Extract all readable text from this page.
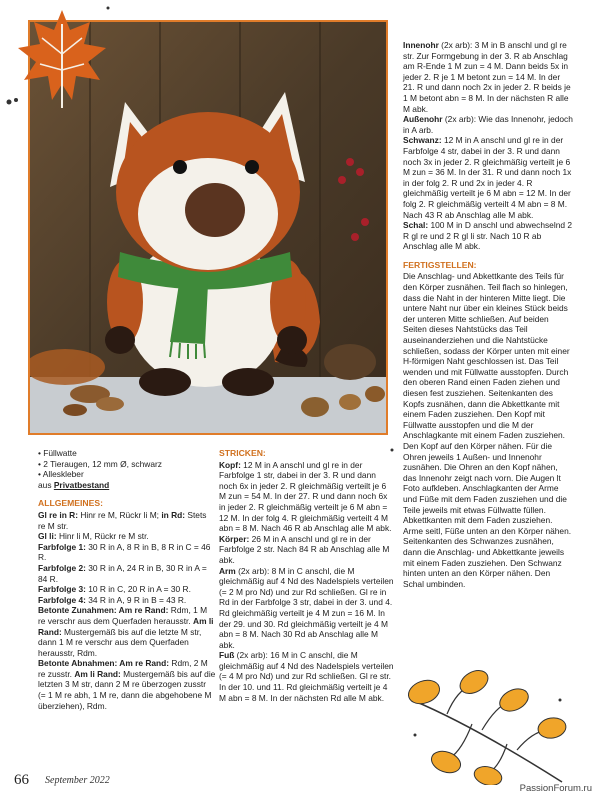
• Füllwatte

• 2 Tieraugen, 12 mm Ø, schwarz

• Alleskleber

aus Privatbestand

ALLGEMEINES:

Gl re in R: Hinr re M, Rückr li M; in Rd: Stets re M str.

Gl li: Hinr li M, Rückr re M str.

Farbfolge 1: 30 R in A, 8 R in B, 8 R in C = 46 R.

Farbfolge 2: 30 R in A, 24 R in B, 30 R in A = 84 R.

Farbfolge 3: 10 R in C, 20 R in A = 30 R.

Farbfolge 4: 34 R in A, 9 R in B = 43 R.

Betonte Zunahmen: Am re Rand: Rdm, 1 M re verschr aus dem Querfaden herausstr. Am li Rand: Mustergemäß bis auf die letzte M str, dann 1 M re verschr aus dem Querfaden herausstr, Rdm.

Betonte Abnahmen: Am re Rand: Rdm, 2 M re zusstr. Am li Rand: Mustergemäß bis auf die letzten 3 M str, dann 2 M re überzogen zusstr (= 1 M re abh, 1 M re, dann die abgehobene M überziehen), Rdm.

STRICKEN:

Kopf: 12 M in A anschl und gl re in der Farbfolge 1 str, dabei in der 3. R und dann noch 6x in jeder 2. R gleichmäßig verteilt je 6 M zun = 54 M. In der 27. R und dann noch 6x in jeder 2. R gleichmäßig verteilt je 6 M abn = 12 M. In der folg 4. R gleichmäßig verteilt 4 M abn = 8 M. Nach 46 R ab Anschlag alle M abk.

Körper: 26 M in A anschl und gl re in der Farbfolge 2 str. Nach 84 R ab Anschlag alle M abk.

Arm (2x arb): 8 M in C anschl, die M gleichmäßig auf 4 Nd des Nadelspiels verteilen (= 2 M pro Nd) und zur Rd schließen. Gl re in Rd in der Farbfolge 3 str, dabei in der 3. und 4. Rd gleichmäßig verteilt je 4 M zun = 16 M. In der 29. und 30. Rd gleichmäßig verteilt je 4 M abn = 8 M. Nach 30 Rd ab Anschlag alle M abk.

Fuß (2x arb): 16 M in C anschl, die M gleichmäßig auf 4 Nd des Nadelspiels verteilen (= 4 M pro Nd) und zur Rd schließen. Gl re str. In der 10. und 11. Rd gleichmäßig verteilt je 4 M abn = 8 M. In der nächsten Rd alle M abk.

Innenohr (2x arb): 3 M in B anschl und gl re str. Zur Formgebung in der 3. R ab Anschlag am R-Ende 1 M zun = 4 M. Dann beids 5x in jeder 2. R je 1 M betont zun = 14 M. In der 21. R und dann noch 2x in jeder 2. R beids je 1 M betont abn = 8 M. In der nächsten R alle M abk.

Außenohr (2x arb): Wie das Innenohr, jedoch in A arb.

Schwanz: 12 M in A anschl und gl re in der Farbfolge 4 str, dabei in der 3. R und dann noch 3x in jeder 2. R gleichmäßig verteilt je 6 M zun = 36 M. In der 31. R und dann noch 1x in der folg 2. R und 2x in jeder 4. R gleichmäßig verteilt je 6 M abn = 12 M. In der folg 2. R gleichmäßig verteilt 4 M abn = 8 M. Nach 43 R ab Anschlag alle M abk.

Schal: 100 M in D anschl und abwechselnd 2 R gl re und 2 R gl li str. Nach 10 R ab Anschlag alle M abk.

FERTIGSTELLEN:

Die Anschlag- und Abkettkante des Teils für den Körper zusnähen. Teil flach so hinlegen, dass die Naht in der hinteren Mitte liegt. Die untere Naht nur über ein kleines Stück beids der unteren Mitte schließen. Auf beiden Seiten dieses Nahtstücks das Teil auseinanderziehen und die Nahtstücke schließen, sodass der Körper unten mit einer H-förmigen Naht geschlossen ist. Das Teil wenden und mit Füllwatte ausstopfen. Durch den oberen Rand einen Faden ziehen und diesen fest zusziehen. Seitenkanten des Kopfs zusnähen, dann die Abkettkante mit einem Faden zusziehen. Den Kopf mit Füllwatte ausstopfen und die M der Anschlagkante mit einem Faden zusziehen. Den Kopf auf den Körper nähen. Für die Ohren jeweils 1 Außen- und Innenohr zusnähen. Die Ohren an den Kopf nähen, das Innenohr zeigt nach vorn. Die Augen lt Foto aufkleben. Anschlagkanten der Arme und Füße mit dem Faden zusziehen und die Teile jeweils mit etwas Füllwatte füllen. Abkettkanten mit dem Faden zusziehen. Arme seitl, Füße unten an den Körper nähen. Seitenkanten des Schwanzes zusnähen, dann die Anschlag- und Abkettkante jeweils mit einem Faden zusziehen. Den Schwanz hinten unten an den Körper nähen. Den Schal umbinden.

66 September 2022
PassionForum.ru
